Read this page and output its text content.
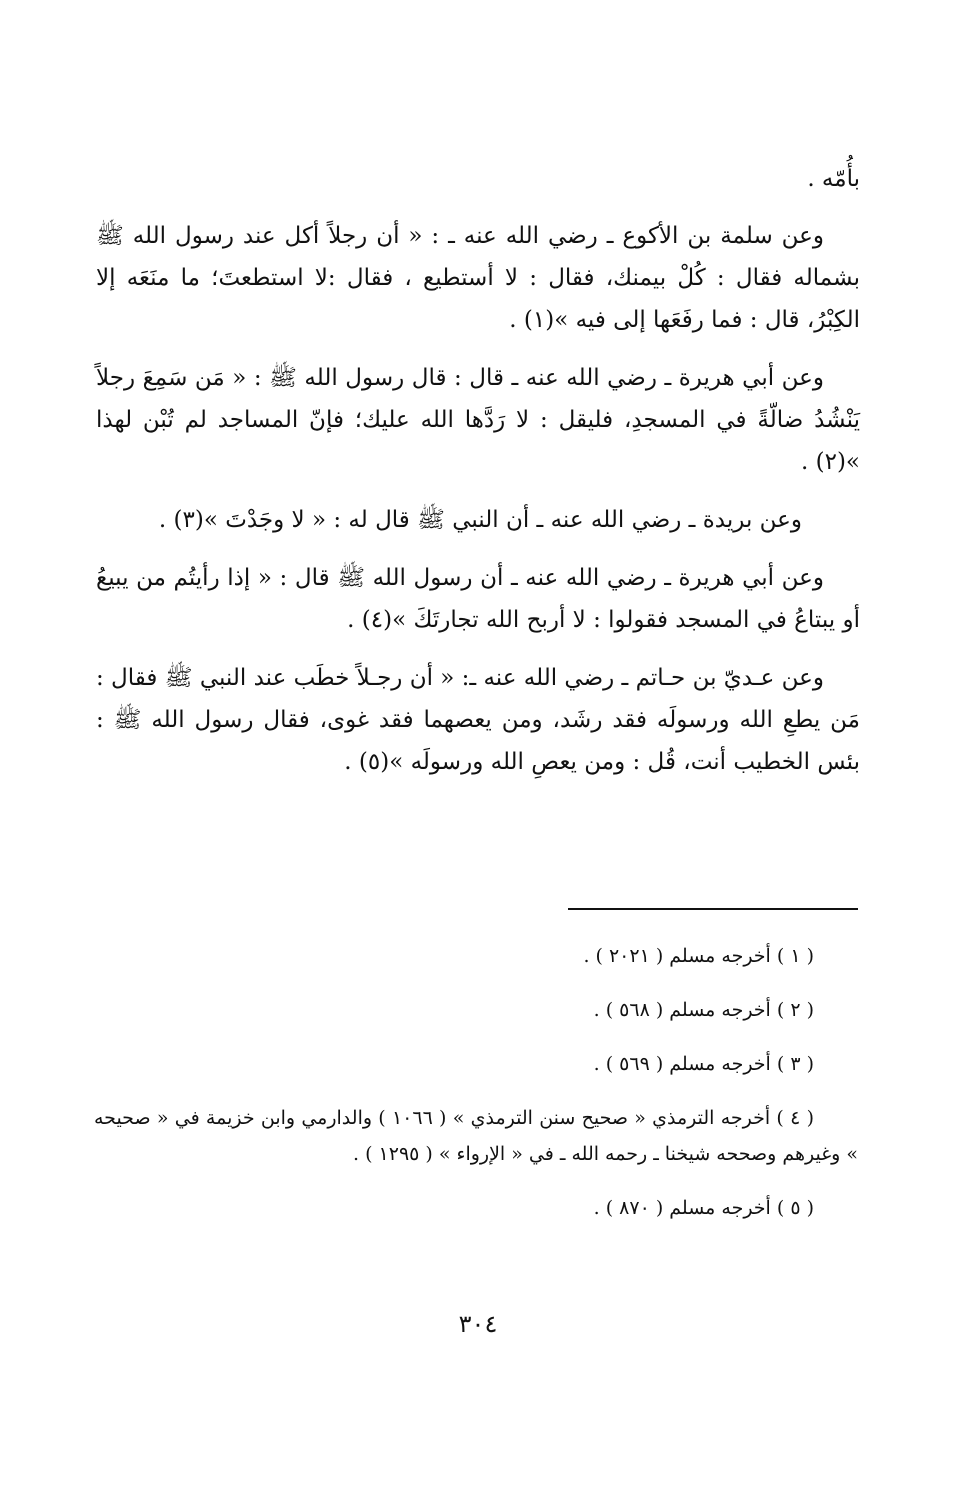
بأُمّه .

وعن سلمة بن الأكوع ـ رضي الله عنه ـ : « أن رجلاً أكل عند رسول الله ﷺ بشماله فقال : كُلْ بيمنك، فقال : لا أستطيع ، فقال :لا استطعتَ؛ ما منَعَه إلا الكِبْرُ، قال : فما رفَعَها إلى فيه »(١) .

وعن أبي هريرة ـ رضي الله عنه ـ قال : قال رسول الله ﷺ : « مَن سَمِعَ رجلاً يَنْشُدُ ضالّةً في المسجدِ، فليقل : لا رَدَّها الله عليك؛ فإنّ المساجد لم تُبْن لهذا »(٢) .

وعن بريدة ـ رضي الله عنه ـ أن النبي ﷺ قال له : « لا وجَدْتَ »(٣) .

وعن أبي هريرة ـ رضي الله عنه ـ أن رسول الله ﷺ قال : « إذا رأيتُم من يبيعُ أو يبتاعُ في المسجد فقولوا : لا أربح الله تجارتَكَ »(٤) .

وعن عـديّ بن حـاتم ـ رضي الله عنه ـ: « أن رجـلاً خطَب عند النبي ﷺ فقال : مَن يطعِ الله ورسولَه فقد رشَد، ومن يعصهما فقد غوى، فقال رسول الله ﷺ : بئس الخطيب أنت، قُل : ومن يعصِ الله ورسولَه »(٥) .

( ١ ) أخرجه مسلم ( ٢٠٢١ ) .

( ٢ ) أخرجه مسلم ( ٥٦٨ ) .

( ٣ ) أخرجه مسلم ( ٥٦٩ ) .

( ٤ ) أخرجه الترمذي « صحيح سنن الترمذي » ( ١٠٦٦ ) والدارمي وابن خزيمة في « صحيحه » وغيرهم وصححه شيخنا ـ رحمه الله ـ في « الإرواء » ( ١٢٩٥ ) .

( ٥ ) أخرجه مسلم ( ٨٧٠ ) .

٣٠٤
